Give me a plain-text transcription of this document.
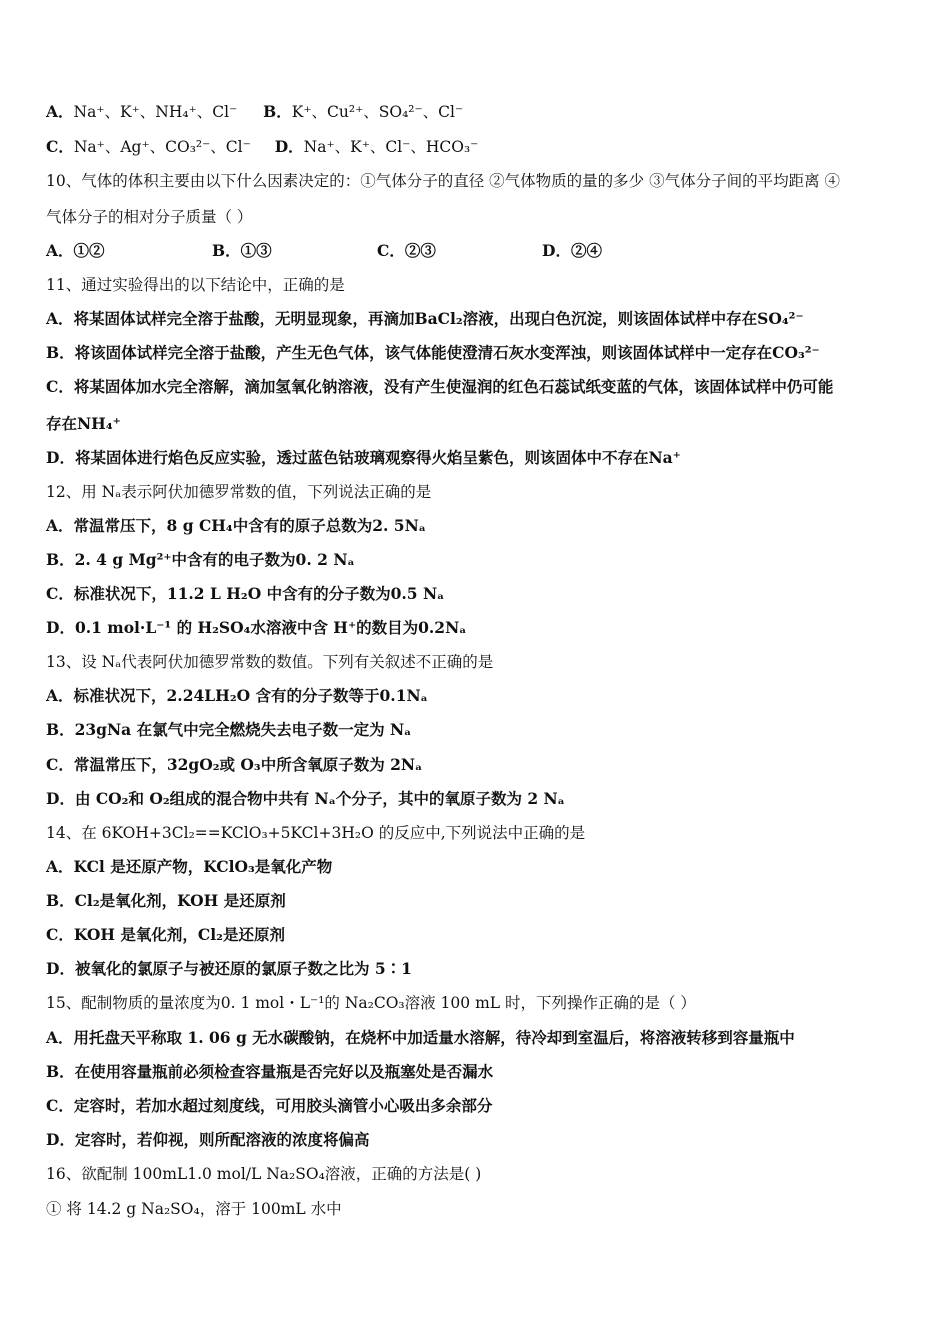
A．Na⁺、K⁺、NH₄⁺、Cl⁻ B．K⁺、Cu²⁺、SO₄²⁻、Cl⁻
C．Na⁺、Ag⁺、CO₃²⁻、Cl⁻ D．Na⁺、K⁺、Cl⁻、HCO₃⁻
10、气体的体积主要由以下什么因素决定的：①气体分子的直径 ②气体物质的量的多少 ③气体分子间的平均距离 ④
气体分子的相对分子质量（ ）
A．①②	B．①③	C．②③	D．②④
11、通过实验得出的以下结论中，正确的是
A．将某固体试样完全溶于盐酸，无明显现象，再滴加BaCl₂溶液，出现白色沉淀，则该固体试样中存在SO₄²⁻
B．将该固体试样完全溶于盐酸，产生无色气体，该气体能使澄清石灰水变浑浊，则该固体试样中一定存在CO₃²⁻
C．将某固体加水完全溶解，滴加氢氧化钠溶液，没有产生使湿润的红色石蕊试纸变蓝的气体，该固体试样中仍可能
存在NH₄⁺
D．将某固体进行焰色反应实验，透过蓝色钴玻璃观察得火焰呈紫色，则该固体中不存在Na⁺
12、用 Nₐ表示阿伏加德罗常数的值，下列说法正确的是
A．常温常压下，8 g CH₄中含有的原子总数为2. 5Nₐ
B．2. 4 g Mg²⁺中含有的电子数为0. 2 Nₐ
C．标准状况下，11.2 L H₂O 中含有的分子数为0.5 Nₐ
D．0.1 mol·L⁻¹ 的 H₂SO₄水溶液中含 H⁺的数目为0.2Nₐ
13、设 Nₐ代表阿伏加德罗常数的数值。下列有关叙述不正确的是
A．标准状况下，2.24LH₂O 含有的分子数等于0.1Nₐ
B．23gNa 在氯气中完全燃烧失去电子数一定为 Nₐ
C．常温常压下，32gO₂或 O₃中所含氧原子数为 2Nₐ
D．由 CO₂和 O₂组成的混合物中共有 Nₐ个分子，其中的氧原子数为 2 Nₐ
14、在 6KOH+3Cl₂==KClO₃+5KCl+3H₂O 的反应中,下列说法中正确的是
A．KCl 是还原产物，KClO₃是氧化产物
B．Cl₂是氧化剂，KOH 是还原剂
C．KOH 是氧化剂，Cl₂是还原剂
D．被氧化的氯原子与被还原的氯原子数之比为 5∶1
15、配制物质的量浓度为0. 1 mol・L⁻¹的 Na₂CO₃溶液 100 mL 时，下列操作正确的是（ ）
A．用托盘天平称取 1. 06 g 无水碳酸钠，在烧杯中加适量水溶解，待冷却到室温后，将溶液转移到容量瓶中
B．在使用容量瓶前必须检查容量瓶是否完好以及瓶塞处是否漏水
C．定容时，若加水超过刻度线，可用胶头滴管小心吸出多余部分
D．定容时，若仰视，则所配溶液的浓度将偏高
16、欲配制 100mL1.0 mol/L Na₂SO₄溶液，正确的方法是( )
① 将 14.2 g Na₂SO₄，溶于 100mL 水中
